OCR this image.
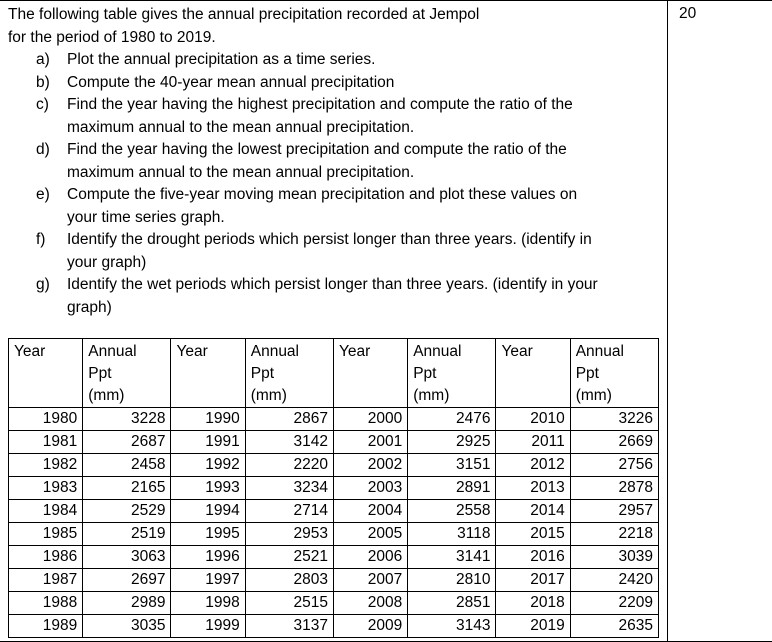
20

The following table gives the annual precipitation recorded at Jempol

for the period of 1980 to 2019.

a) Plot the annual precipitation as a time series.
b) Compute the 40-year mean annual precipitation
c) Find the year having the highest precipitation and compute the ratio of the
maximum annual to the mean annual precipitation.
d) Find the year having the lowest precipitation and compute the ratio of the
maximum annual to the mean annual precipitation.
e) Compute the five-year moving mean precipitation and plot these values on
your time series graph.
f) Identify the drought periods which persist longer than three years. (identify in
your graph)
g) Identify the wet periods which persist longer than three years. (identify in your
graph)
Year	Annual
Ppt
(mm)	Year	Annual
Ppt
(mm)	Year	Annual
Ppt
(mm)	Year	Annual
Ppt
(mm)

1980	3228	1990	2867	2000	2476	2010	3226
1981	2687	1991	3142	2001	2925	2011	2669
1982	2458	1992	2220	2002	3151	2012	2756
1983	2165	1993	3234	2003	2891	2013	2878
1984	2529	1994	2714	2004	2558	2014	2957
1985	2519	1995	2953	2005	3118	2015	2218
1986	3063	1996	2521	2006	3141	2016	3039
1987	2697	1997	2803	2007	2810	2017	2420
1988	2989	1998	2515	2008	2851	2018	2209
1989	3035	1999	3137	2009	3143	2019	2635
